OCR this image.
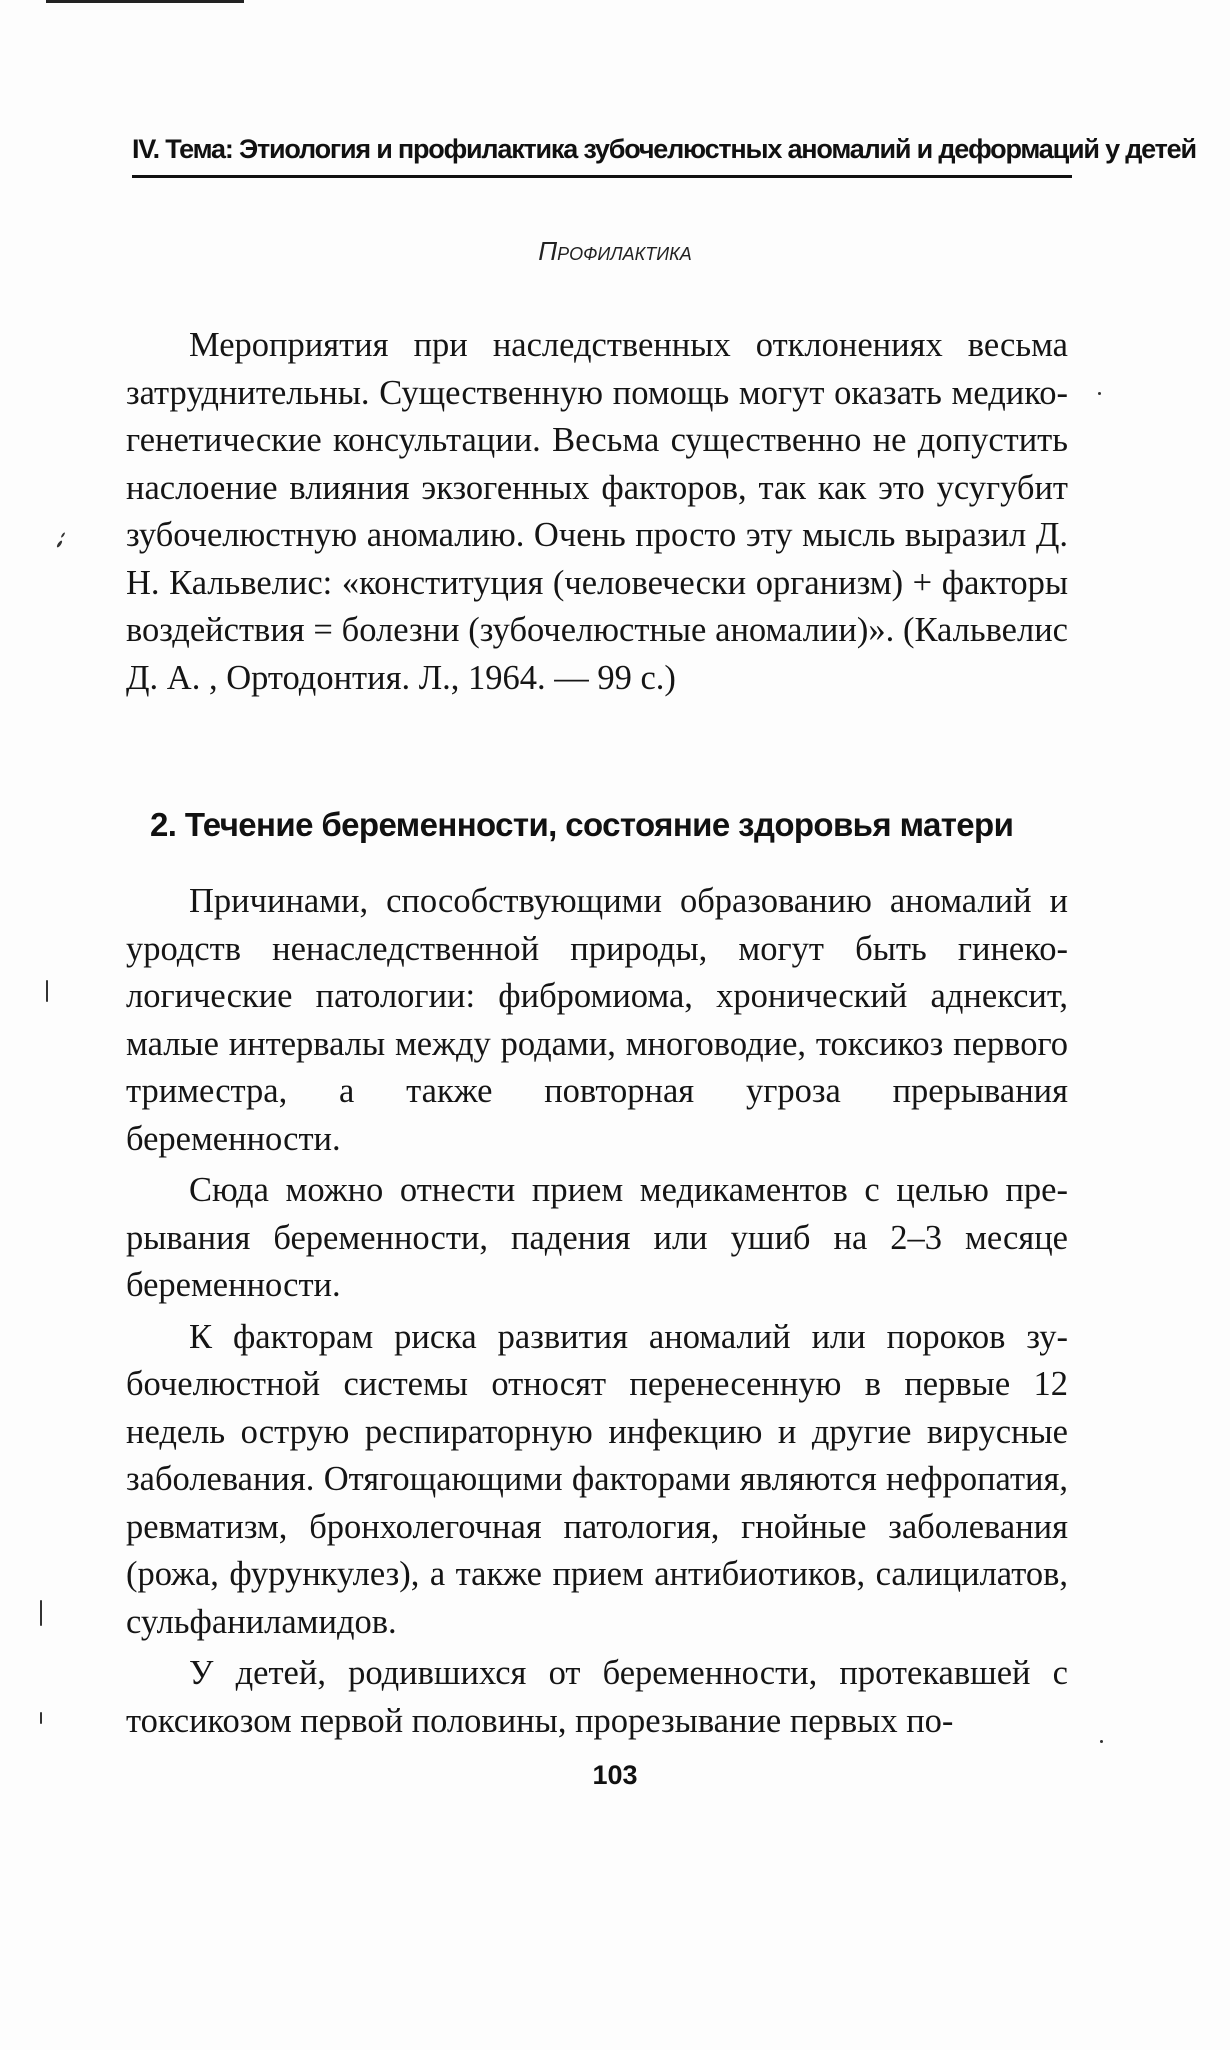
IV. Тема: Этиология и профилактика зубочелюстных аномалий и деформаций у детей
Профилактика

Мероприятия при наследственных отклонениях весьма затруднительны. Существенную помощь могут оказать медико-генетические консультации. Весьма существенно не допустить наслоение влияния экзогенных факторов, так как это усугубит зубочелюстную аномалию. Очень просто эту мысль выразил Д. Н. Кальвелис: «конституция (человечески организм) + факторы воздействия = болезни (зубочелюстные аномалии)». (Кальвелис Д. А. , Ортодонтия. Л., 1964. — 99 с.)

2. Течение беременности, состояние здоровья матери

Причинами, способствующими образованию аномалий и уродств ненаследственной природы, могут быть гинекологические патологии: фибромиома, хронический аднексит, малые интервалы между родами, многоводие, токсикоз первого триместра, а также повторная угроза прерывания беременности.

Сюда можно отнести прием медикаментов с целью прерывания беременности, падения или ушиб на 2–3 месяце беременности.

К факторам риска развития аномалий или пороков зубочелюстной системы относят перенесенную в первые 12 недель острую респираторную инфекцию и другие вирусные заболевания. Отягощающими факторами являются нефропатия, ревматизм, бронхолегочная патология, гнойные заболевания (рожа, фурункулез), а также прием антибиотиков, салицилатов, сульфаниламидов.

У детей, родившихся от беременности, протекавшей с токсикозом первой половины, прорезывание первых по-

103
